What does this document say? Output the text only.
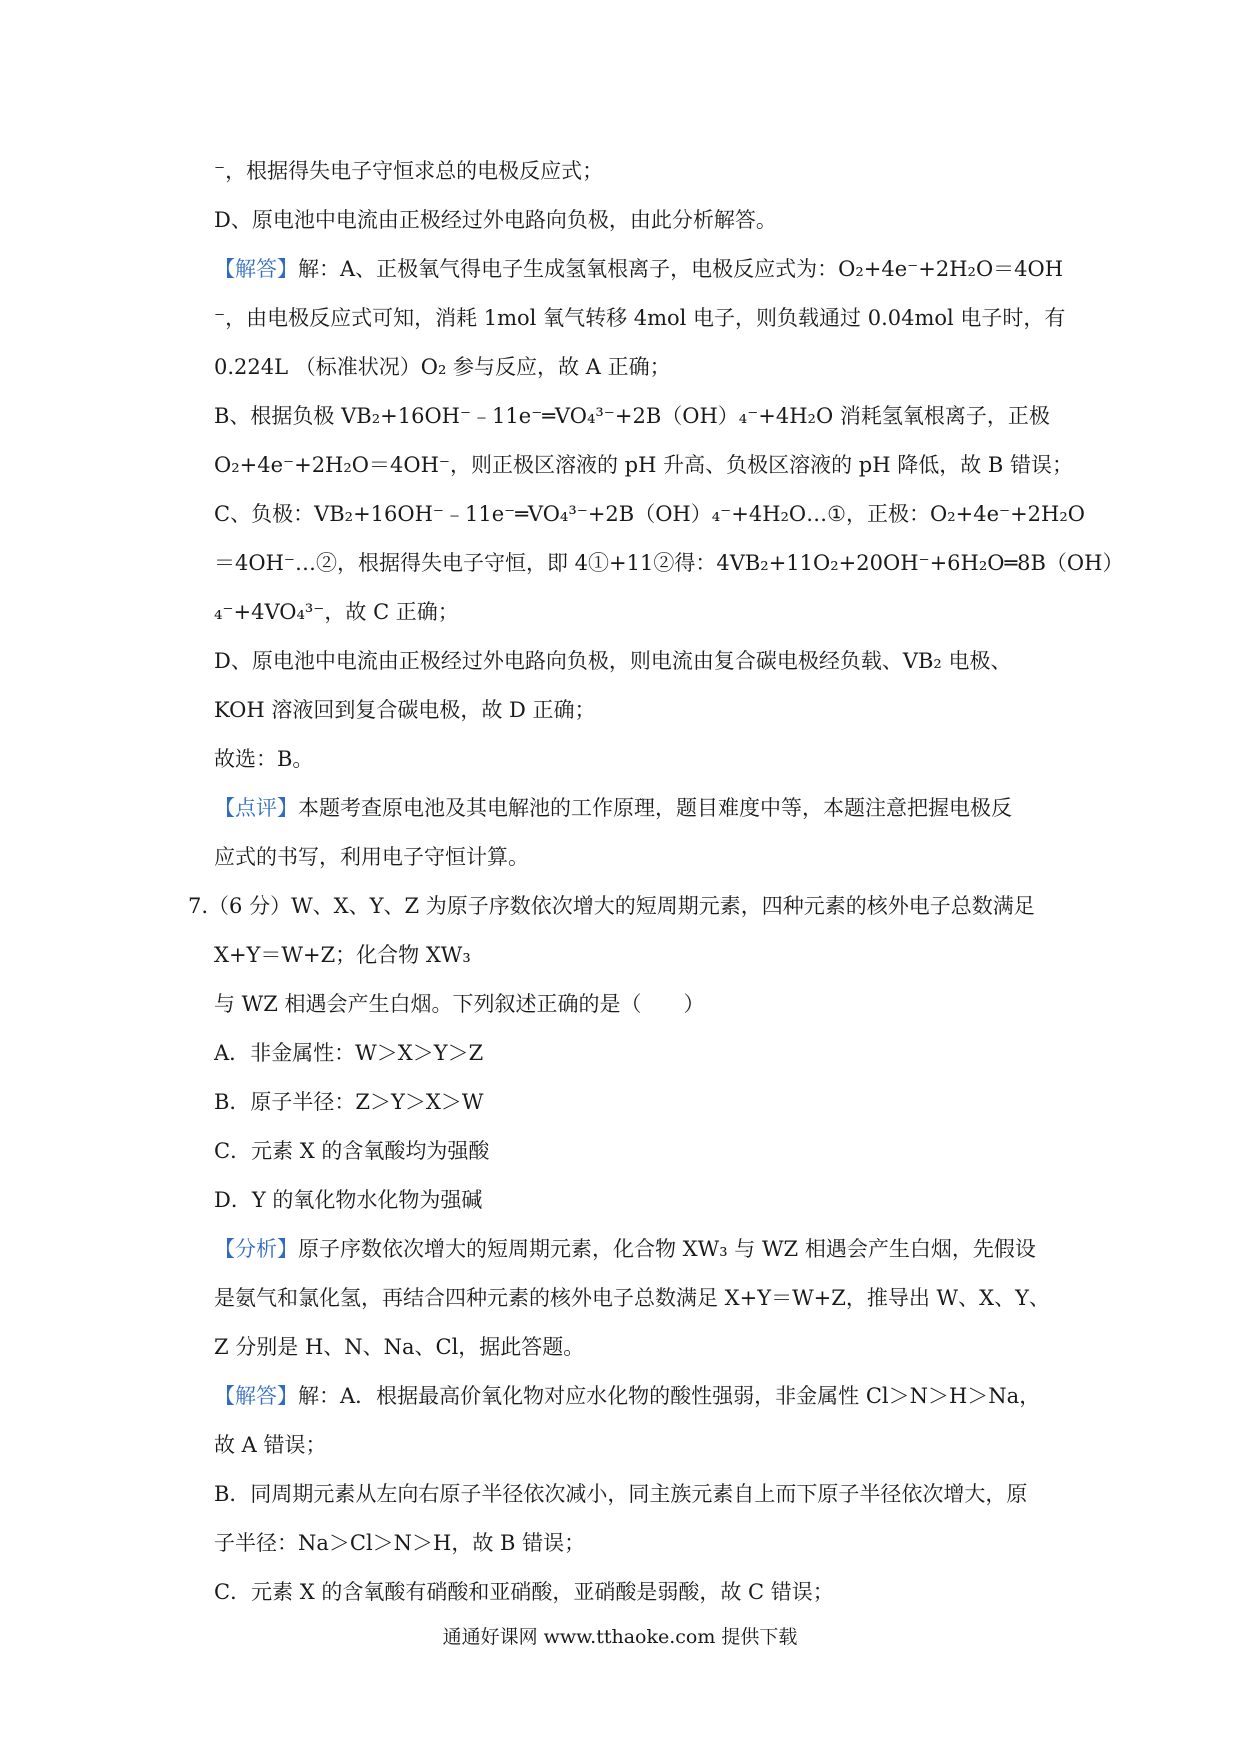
⁻，根据得失电子守恒求总的电极反应式；
D、原电池中电流由正极经过外电路向负极，由此分析解答。
【解答】解：A、正极氧气得电子生成氢氧根离子，电极反应式为：O₂+4e⁻+2H₂O＝4OH
⁻，由电极反应式可知，消耗 1mol 氧气转移 4mol 电子，则负载通过 0.04mol 电子时，有
0.224L （标准状况）O₂ 参与反应，故 A 正确；
B、根据负极 VB₂+16OH⁻﹣11e⁻═VO₄³⁻+2B（OH）₄⁻+4H₂O 消耗氢氧根离子，正极
O₂+4e⁻+2H₂O＝4OH⁻，则正极区溶液的 pH 升高、负极区溶液的 pH 降低，故 B 错误；
C、负极：VB₂+16OH⁻﹣11e⁻═VO₄³⁻+2B（OH）₄⁻+4H₂O…①，正极：O₂+4e⁻+2H₂O
＝4OH⁻…②，根据得失电子守恒，即 4①+11②得：4VB₂+11O₂+20OH⁻+6H₂O═8B（OH）
₄⁻+4VO₄³⁻，故 C 正确；
D、原电池中电流由正极经过外电路向负极，则电流由复合碳电极经负载、VB₂ 电极、
KOH 溶液回到复合碳电极，故 D 正确；
故选：B。
【点评】本题考查原电池及其电解池的工作原理，题目难度中等，本题注意把握电极反
应式的书写，利用电子守恒计算。
7.（6 分）W、X、Y、Z 为原子序数依次增大的短周期元素，四种元素的核外电子总数满足
X+Y＝W+Z；化合物 XW₃
与 WZ 相遇会产生白烟。下列叙述正确的是（　　）
A．非金属性：W＞X＞Y＞Z
B．原子半径：Z＞Y＞X＞W
C．元素 X 的含氧酸均为强酸
D．Y 的氧化物水化物为强碱
【分析】原子序数依次增大的短周期元素，化合物 XW₃ 与 WZ 相遇会产生白烟，先假设
是氨气和氯化氢，再结合四种元素的核外电子总数满足 X+Y＝W+Z，推导出 W、X、Y、
Z 分别是 H、N、Na、Cl，据此答题。
【解答】解：A．根据最高价氧化物对应水化物的酸性强弱，非金属性 Cl＞N＞H＞Na，
故 A 错误；
B．同周期元素从左向右原子半径依次减小，同主族元素自上而下原子半径依次增大，原
子半径：Na＞Cl＞N＞H，故 B 错误；
C．元素 X 的含氧酸有硝酸和亚硝酸，亚硝酸是弱酸，故 C 错误；
通通好课网 www.tthaoke.com 提供下载
